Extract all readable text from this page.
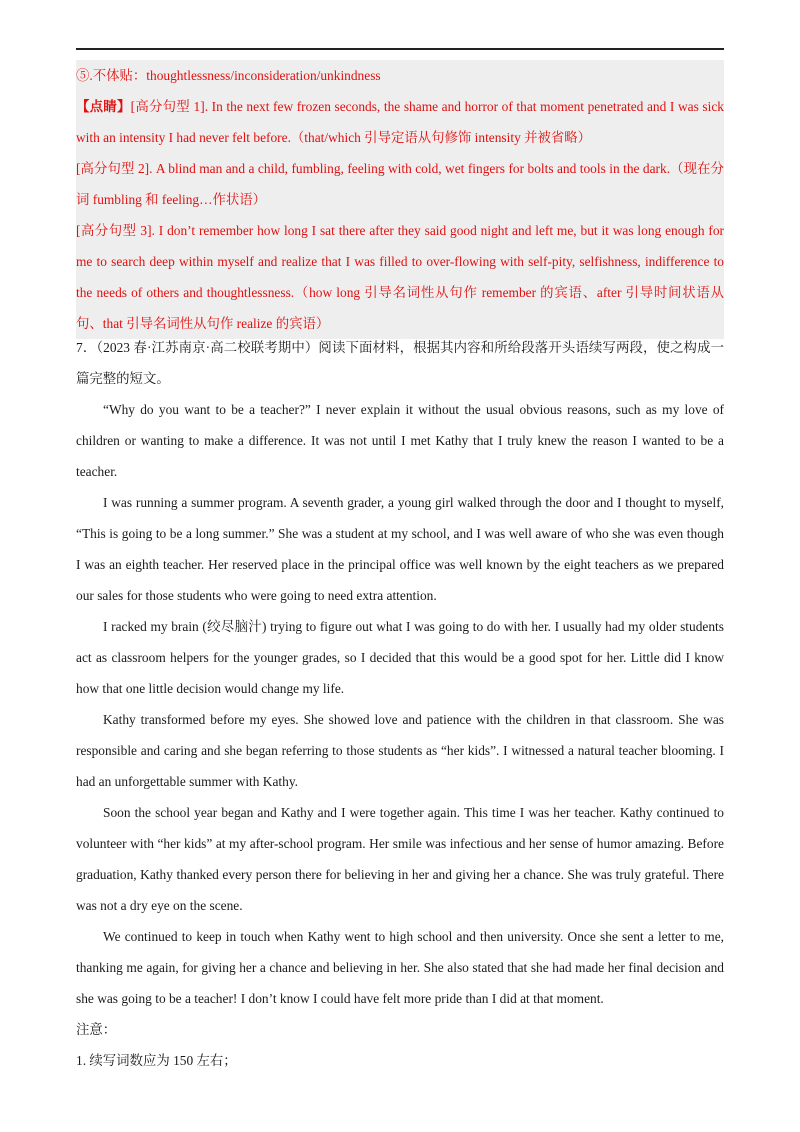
⑤.不体贴：thoughtlessness/inconsideration/unkindness

【点睛】[高分句型 1]. In the next few frozen seconds, the shame and horror of that moment penetrated and I was sick with an intensity I had never felt before.（that/which 引导定语从句修饰 intensity 并被省略）

[高分句型 2]. A blind man and a child, fumbling, feeling with cold, wet fingers for bolts and tools in the dark.（现在分词 fumbling 和 feeling…作状语）

[高分句型 3]. I don’t remember how long I sat there after they said good night and left me, but it was long enough for me to search deep within myself and realize that I was filled to over-flowing with self-pity, selfishness, indifference to the needs of others and thoughtlessness.（how long 引导名词性从句作 remember 的宾语、after 引导时间状语从句、that 引导名词性从句作 realize 的宾语）

7．（2023 春·江苏南京·高二校联考期中）阅读下面材料，根据其内容和所给段落开头语续写两段，使之构成一篇完整的短文。

“Why do you want to be a teacher?” I never explain it without the usual obvious reasons, such as my love of children or wanting to make a difference. It was not until I met Kathy that I truly knew the reason I wanted to be a teacher.

I was running a summer program. A seventh grader, a young girl walked through the door and I thought to myself, “This is going to be a long summer.” She was a student at my school, and I was well aware of who she was even though I was an eighth teacher. Her reserved place in the principal office was well known by the eight teachers as we prepared our sales for those students who were going to need extra attention.

I racked my brain (绞尽脑汁) trying to figure out what I was going to do with her. I usually had my older students act as classroom helpers for the younger grades, so I decided that this would be a good spot for her. Little did I know how that one little decision would change my life.

Kathy transformed before my eyes. She showed love and patience with the children in that classroom. She was responsible and caring and she began referring to those students as “her kids”. I witnessed a natural teacher blooming. I had an unforgettable summer with Kathy.

Soon the school year began and Kathy and I were together again. This time I was her teacher. Kathy continued to volunteer with “her kids” at my after-school program. Her smile was infectious and her sense of humor amazing. Before graduation, Kathy thanked every person there for believing in her and giving her a chance. She was truly grateful. There was not a dry eye on the scene.

We continued to keep in touch when Kathy went to high school and then university. Once she sent a letter to me, thanking me again, for giving her a chance and believing in her. She also stated that she had made her final decision and she was going to be a teacher! I don’t know I could have felt more pride than I did at that moment.

注意：

1. 续写词数应为 150 左右；
